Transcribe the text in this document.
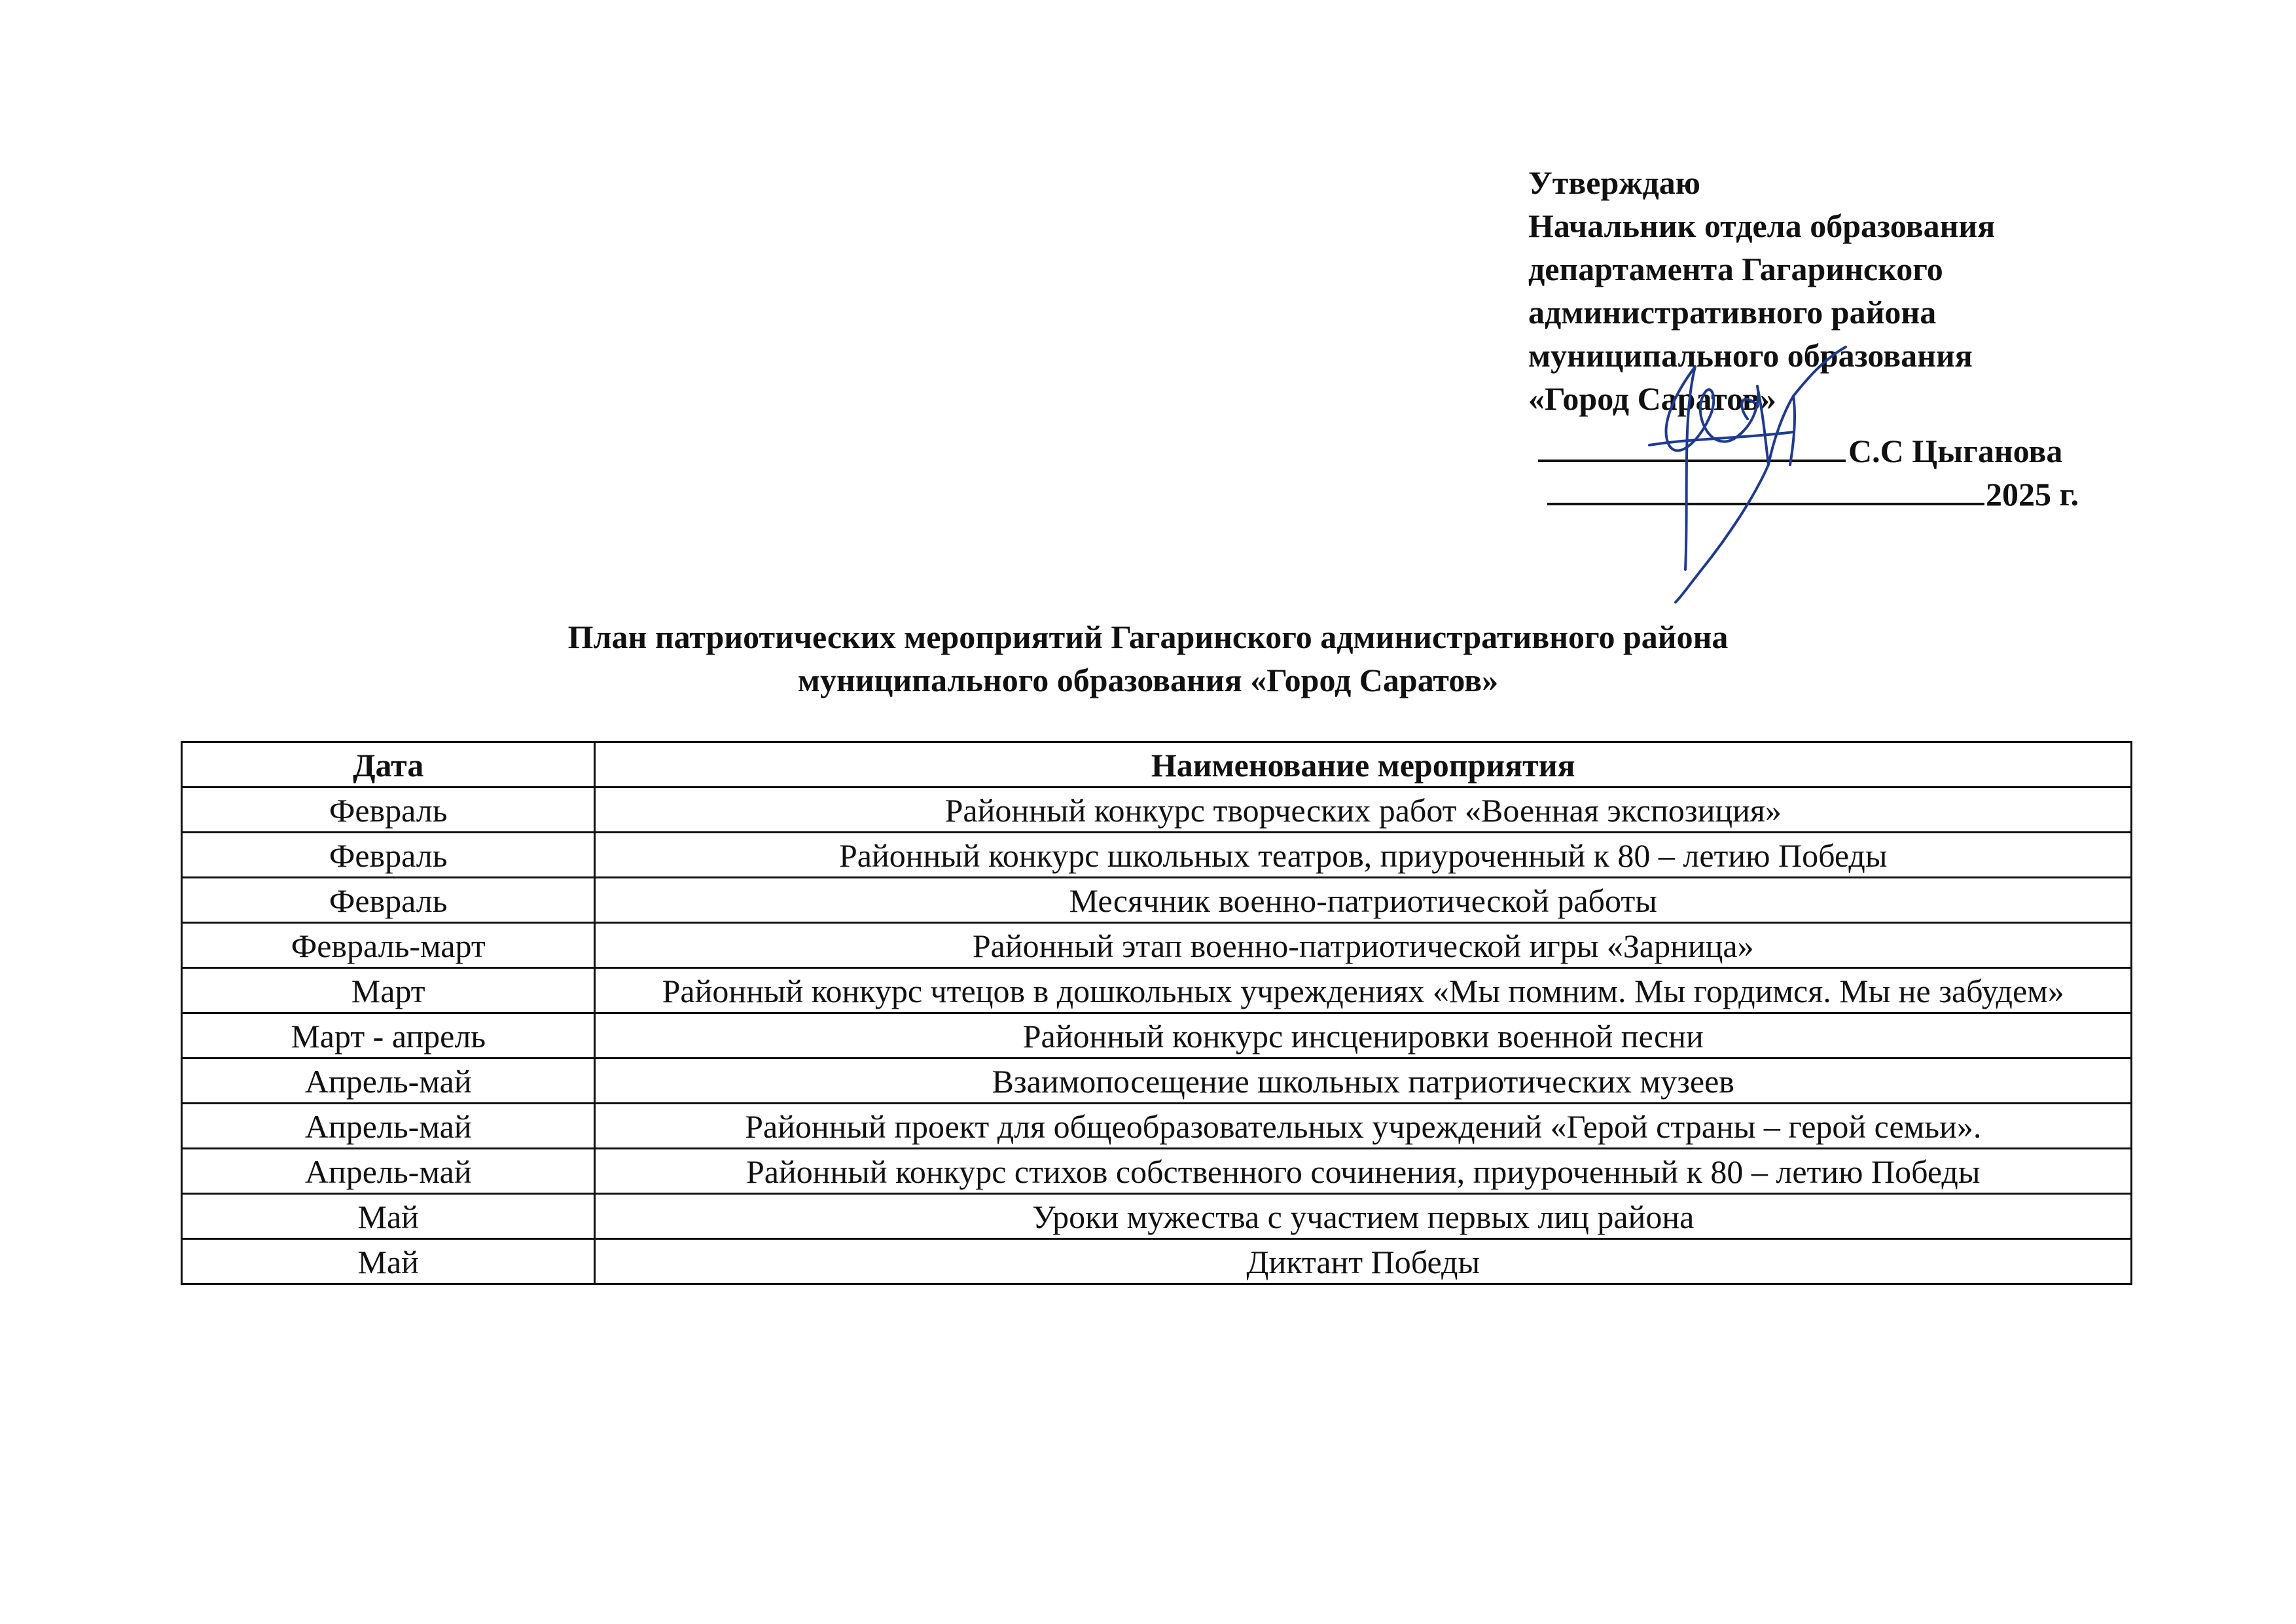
Утверждаю
Начальник отдела образования
департамента Гагаринского
административного района
муниципального образования
«Город Саратов»
С.С Цыганова
2025 г.
План патриотических мероприятий Гагаринского административного района
муниципального образования «Город Саратов»
Дата	Наименование мероприятия
Февраль	Районный конкурс творческих работ «Военная экспозиция»
Февраль	Районный конкурс школьных театров, приуроченный к 80 – летию Победы
Февраль	Месячник военно-патриотической работы
Февраль-март	Районный этап военно-патриотической игры «Зарница»
Март	Районный конкурс чтецов в дошкольных учреждениях «Мы помним. Мы гордимся. Мы не забудем»
Март - апрель	Районный конкурс инсценировки военной песни
Апрель-май	Взаимопосещение школьных патриотических музеев
Апрель-май	Районный проект для общеобразовательных учреждений «Герой страны – герой семьи».
Апрель-май	Районный конкурс стихов собственного сочинения, приуроченный к 80 – летию Победы
Май	Уроки мужества с участием первых лиц района
Май	Диктант Победы
